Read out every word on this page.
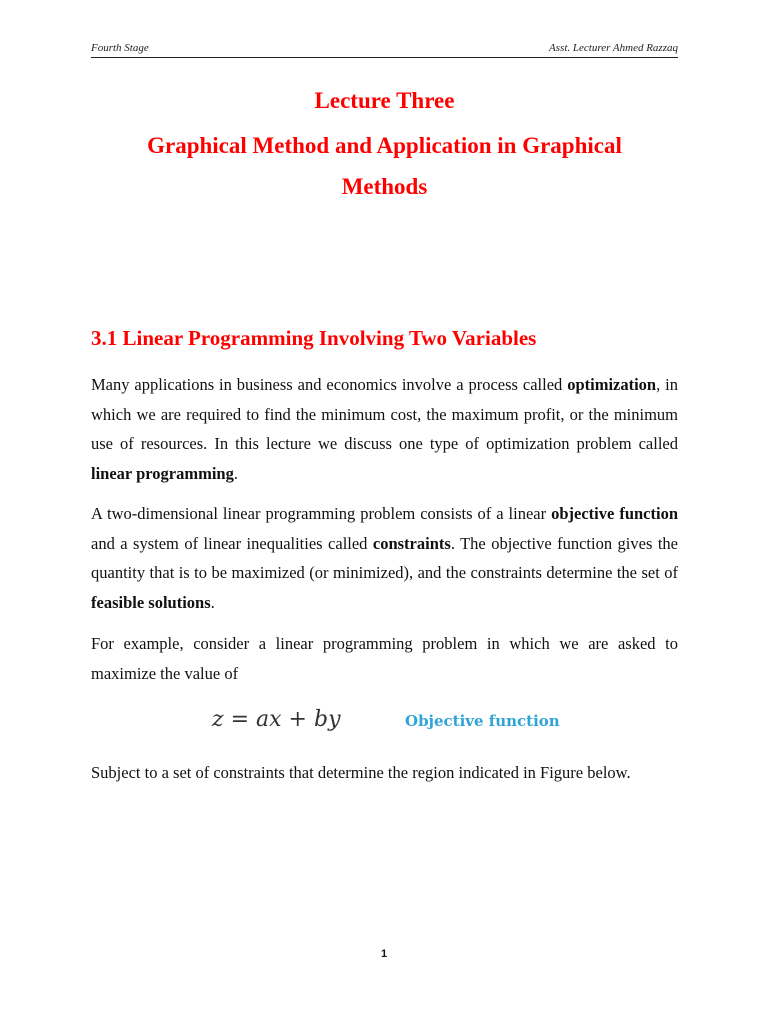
Fourth Stage	Asst. Lecturer Ahmed Razzaq
Lecture Three
Graphical Method and Application in Graphical
Methods
3.1 Linear Programming Involving Two Variables

Many applications in business and economics involve a process called optimization, in which we are required to find the minimum cost, the maximum profit, or the minimum use of resources. In this lecture we discuss one type of optimization problem called linear programming.

A two-dimensional linear programming problem consists of a linear objective function and a system of linear inequalities called constraints. The objective function gives the quantity that is to be maximized (or minimized), and the constraints determine the set of feasible solutions.

For example, consider a linear programming problem in which we are asked to maximize the value of

z = ax + by	Objective function

Subject to a set of constraints that determine the region indicated in Figure below.

1
